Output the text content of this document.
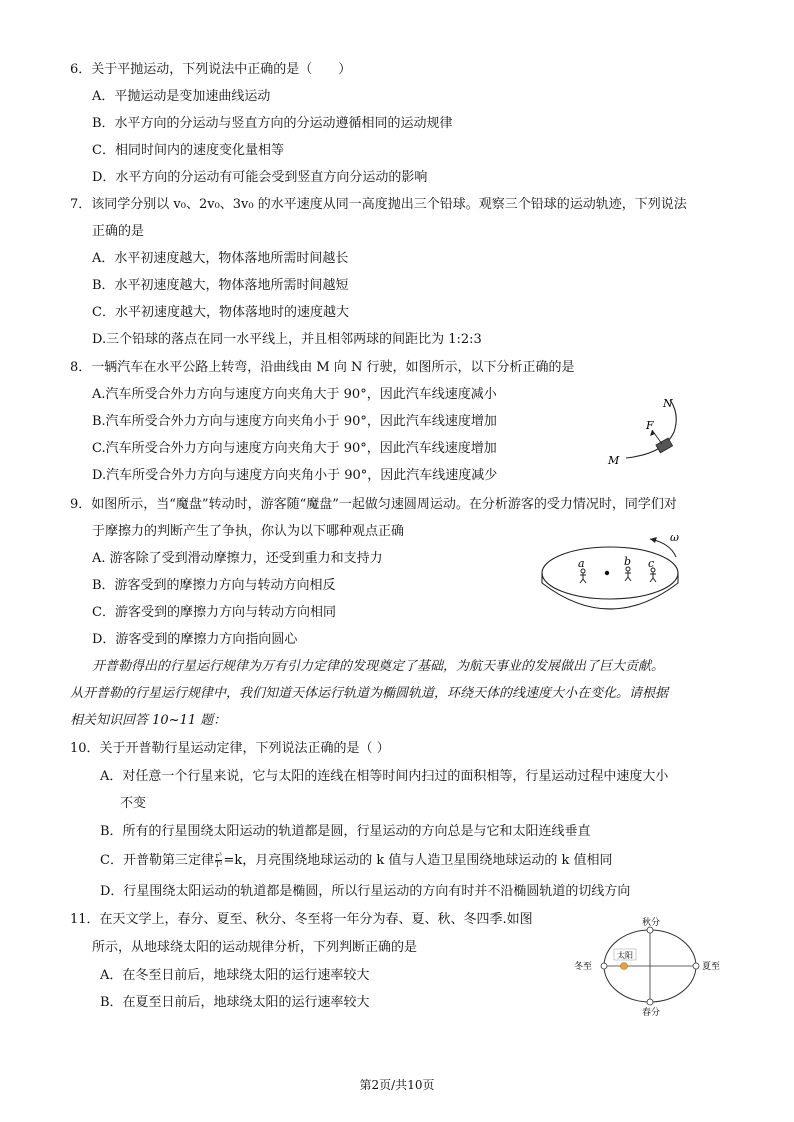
6．关于平抛运动，下列说法中正确的是（　　）
A．平抛运动是变加速曲线运动
B．水平方向的分运动与竖直方向的分运动遵循相同的运动规律
C．相同时间内的速度变化量相等
D．水平方向的分运动有可能会受到竖直方向分运动的影响
7．该同学分别以 v₀、2v₀、3v₀ 的水平速度从同一高度抛出三个铅球。观察三个铅球的运动轨迹，下列说法
正确的是
A．水平初速度越大，物体落地所需时间越长
B．水平初速度越大，物体落地所需时间越短
C．水平初速度越大，物体落地时的速度越大
D.三个铅球的落点在同一水平线上，并且相邻两球的间距比为 1:2:3
8．一辆汽车在水平公路上转弯，沿曲线由 M 向 N 行驶，如图所示，以下分析正确的是
A.汽车所受合外力方向与速度方向夹角大于 90°，因此汽车线速度减小
B.汽车所受合外力方向与速度方向夹角小于 90°，因此汽车线速度增加
C.汽车所受合外力方向与速度方向夹角大于 90°，因此汽车线速度增加
D.汽车所受合外力方向与速度方向夹角小于 90°，因此汽车线速度减少
N
F
M
9．如图所示，当“魔盘”转动时，游客随“魔盘”一起做匀速圆周运动。在分析游客的受力情况时，同学们对
于摩擦力的判断产生了争执，你认为以下哪种观点正确
A. 游客除了受到滑动摩擦力，还受到重力和支持力
B．游客受到的摩擦力方向与转动方向相反
C．游客受到的摩擦力方向与转动方向相同
D．游客受到的摩擦力方向指向圆心
ω
a	b c
开普勒得出的行星运行规律为万有引力定律的发现奠定了基础，为航天事业的发展做出了巨大贡献。
从开普勒的行星运行规律中，我们知道天体运行轨道为椭圆轨道，环绕天体的线速度大小在变化。请根据
相关知识回答 10~11 题：
10．关于开普勒行星运动定律，下列说法正确的是（ ）
A．对任意一个行星来说，它与太阳的连线在相等时间内扫过的面积相等，行星运动过程中速度大小
不变
B．所有的行星围绕太阳运动的轨道都是圆，行星运动的方向总是与它和太阳连线垂直
C．开普勒第三定律 $\frac{\text{r³}}{\text{T²}} =k$，月亮围绕地球运动的 k 值与人造卫星围绕地球运动的 k 值相同
D．行星围绕太阳运动的轨道都是椭圆，所以行星运动的方向有时并不沿椭圆轨道的切线方向
11．在天文学上，春分、夏至、秋分、冬至将一年分为春、夏、秋、冬四季.如图
所示，从地球绕太阳的运动规律分析，下列判断正确的是
A．在冬至日前后，地球绕太阳的运行速率较大
B．在夏至日前后，地球绕太阳的运行速率较大
太阳
秋分
春分
冬至	夏至
第2页/共10页
